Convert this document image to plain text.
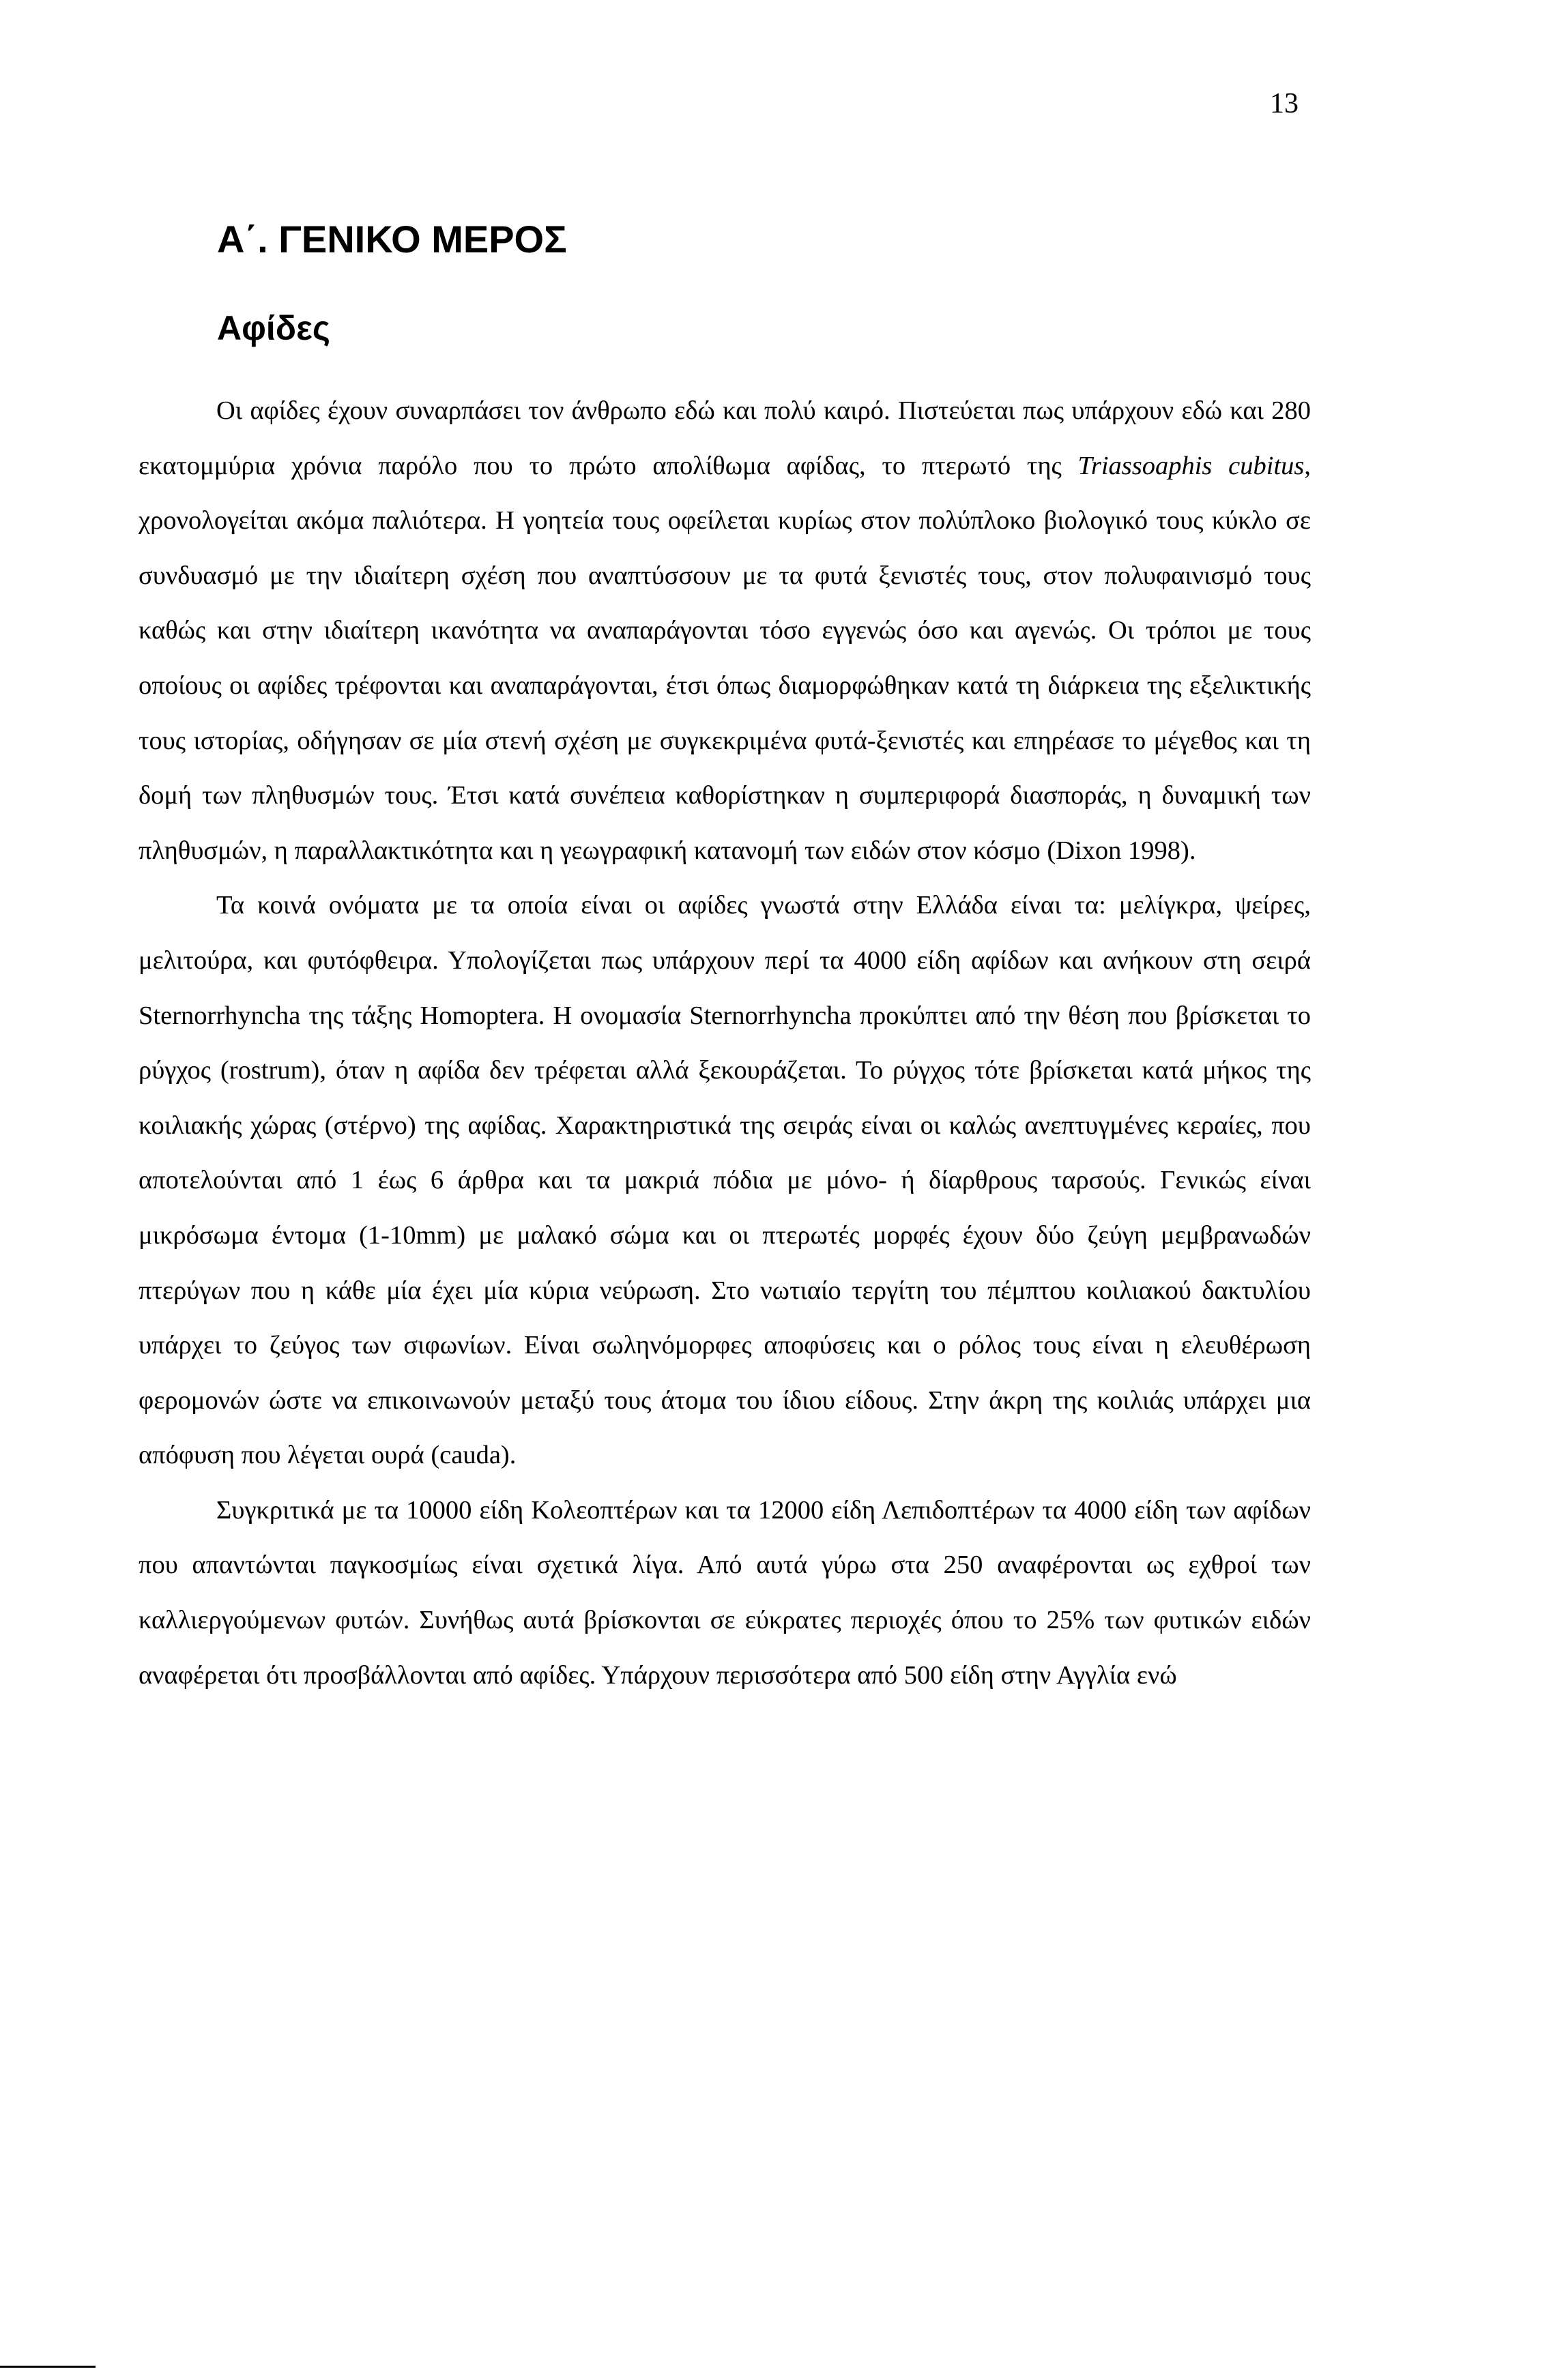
13
Α΄. ΓΕΝΙΚΟ ΜΕΡΟΣ
Αφίδες

Οι αφίδες έχουν συναρπάσει τον άνθρωπο εδώ και πολύ καιρό. Πιστεύεται πως υπάρχουν εδώ και 280 εκατομμύρια χρόνια παρόλο που το πρώτο απολίθωμα αφίδας, το πτερωτό της Triassoaphis cubitus, χρονολογείται ακόμα παλιότερα. Η γοητεία τους οφείλεται κυρίως στον πολύπλοκο βιολογικό τους κύκλο σε συνδυασμό με την ιδιαίτερη σχέση που αναπτύσσουν με τα φυτά ξενιστές τους, στον πολυφαινισμό τους καθώς και στην ιδιαίτερη ικανότητα να αναπαράγονται τόσο εγγενώς όσο και αγενώς. Οι τρόποι με τους οποίους οι αφίδες τρέφονται και αναπαράγονται, έτσι όπως διαμορφώθηκαν κατά τη διάρκεια της εξελικτικής τους ιστορίας, οδήγησαν σε μία στενή σχέση με συγκεκριμένα φυτά-ξενιστές και επηρέασε το μέγεθος και τη δομή των πληθυσμών τους. Έτσι κατά συνέπεια καθορίστηκαν η συμπεριφορά διασποράς, η δυναμική των πληθυσμών, η παραλλακτικότητα και η γεωγραφική κατανομή των ειδών στον κόσμο (Dixon 1998).

Τα κοινά ονόματα με τα οποία είναι οι αφίδες γνωστά στην Ελλάδα είναι τα: μελίγκρα, ψείρες, μελιτούρα, και φυτόφθειρα. Υπολογίζεται πως υπάρχουν περί τα 4000 είδη αφίδων και ανήκουν στη σειρά Sternorrhyncha της τάξης Homoptera. Η ονομασία Sternorrhyncha προκύπτει από την θέση που βρίσκεται το ρύγχος (rostrum), όταν η αφίδα δεν τρέφεται αλλά ξεκουράζεται. Το ρύγχος τότε βρίσκεται κατά μήκος της κοιλιακής χώρας (στέρνο) της αφίδας. Χαρακτηριστικά της σειράς είναι οι καλώς ανεπτυγμένες κεραίες, που αποτελούνται από 1 έως 6 άρθρα και τα μακριά πόδια με μόνο- ή δίαρθρους ταρσούς. Γενικώς είναι μικρόσωμα έντομα (1-10mm) με μαλακό σώμα και οι πτερωτές μορφές έχουν δύο ζεύγη μεμβρανωδών πτερύγων που η κάθε μία έχει μία κύρια νεύρωση. Στο νωτιαίο τεργίτη του πέμπτου κοιλιακού δακτυλίου υπάρχει το ζεύγος των σιφωνίων. Είναι σωληνόμορφες αποφύσεις και ο ρόλος τους είναι η ελευθέρωση φερομονών ώστε να επικοινωνούν μεταξύ τους άτομα του ίδιου είδους. Στην άκρη της κοιλιάς υπάρχει μια απόφυση που λέγεται ουρά (cauda).

Συγκριτικά με τα 10000 είδη Κολεοπτέρων και τα 12000 είδη Λεπιδοπτέρων τα 4000 είδη των αφίδων που απαντώνται παγκοσμίως είναι σχετικά λίγα. Από αυτά γύρω στα 250 αναφέρονται ως εχθροί των καλλιεργούμενων φυτών. Συνήθως αυτά βρίσκονται σε εύκρατες περιοχές όπου το 25% των φυτικών ειδών αναφέρεται ότι προσβάλλονται από αφίδες. Υπάρχουν περισσότερα από 500 είδη στην Αγγλία ενώ
